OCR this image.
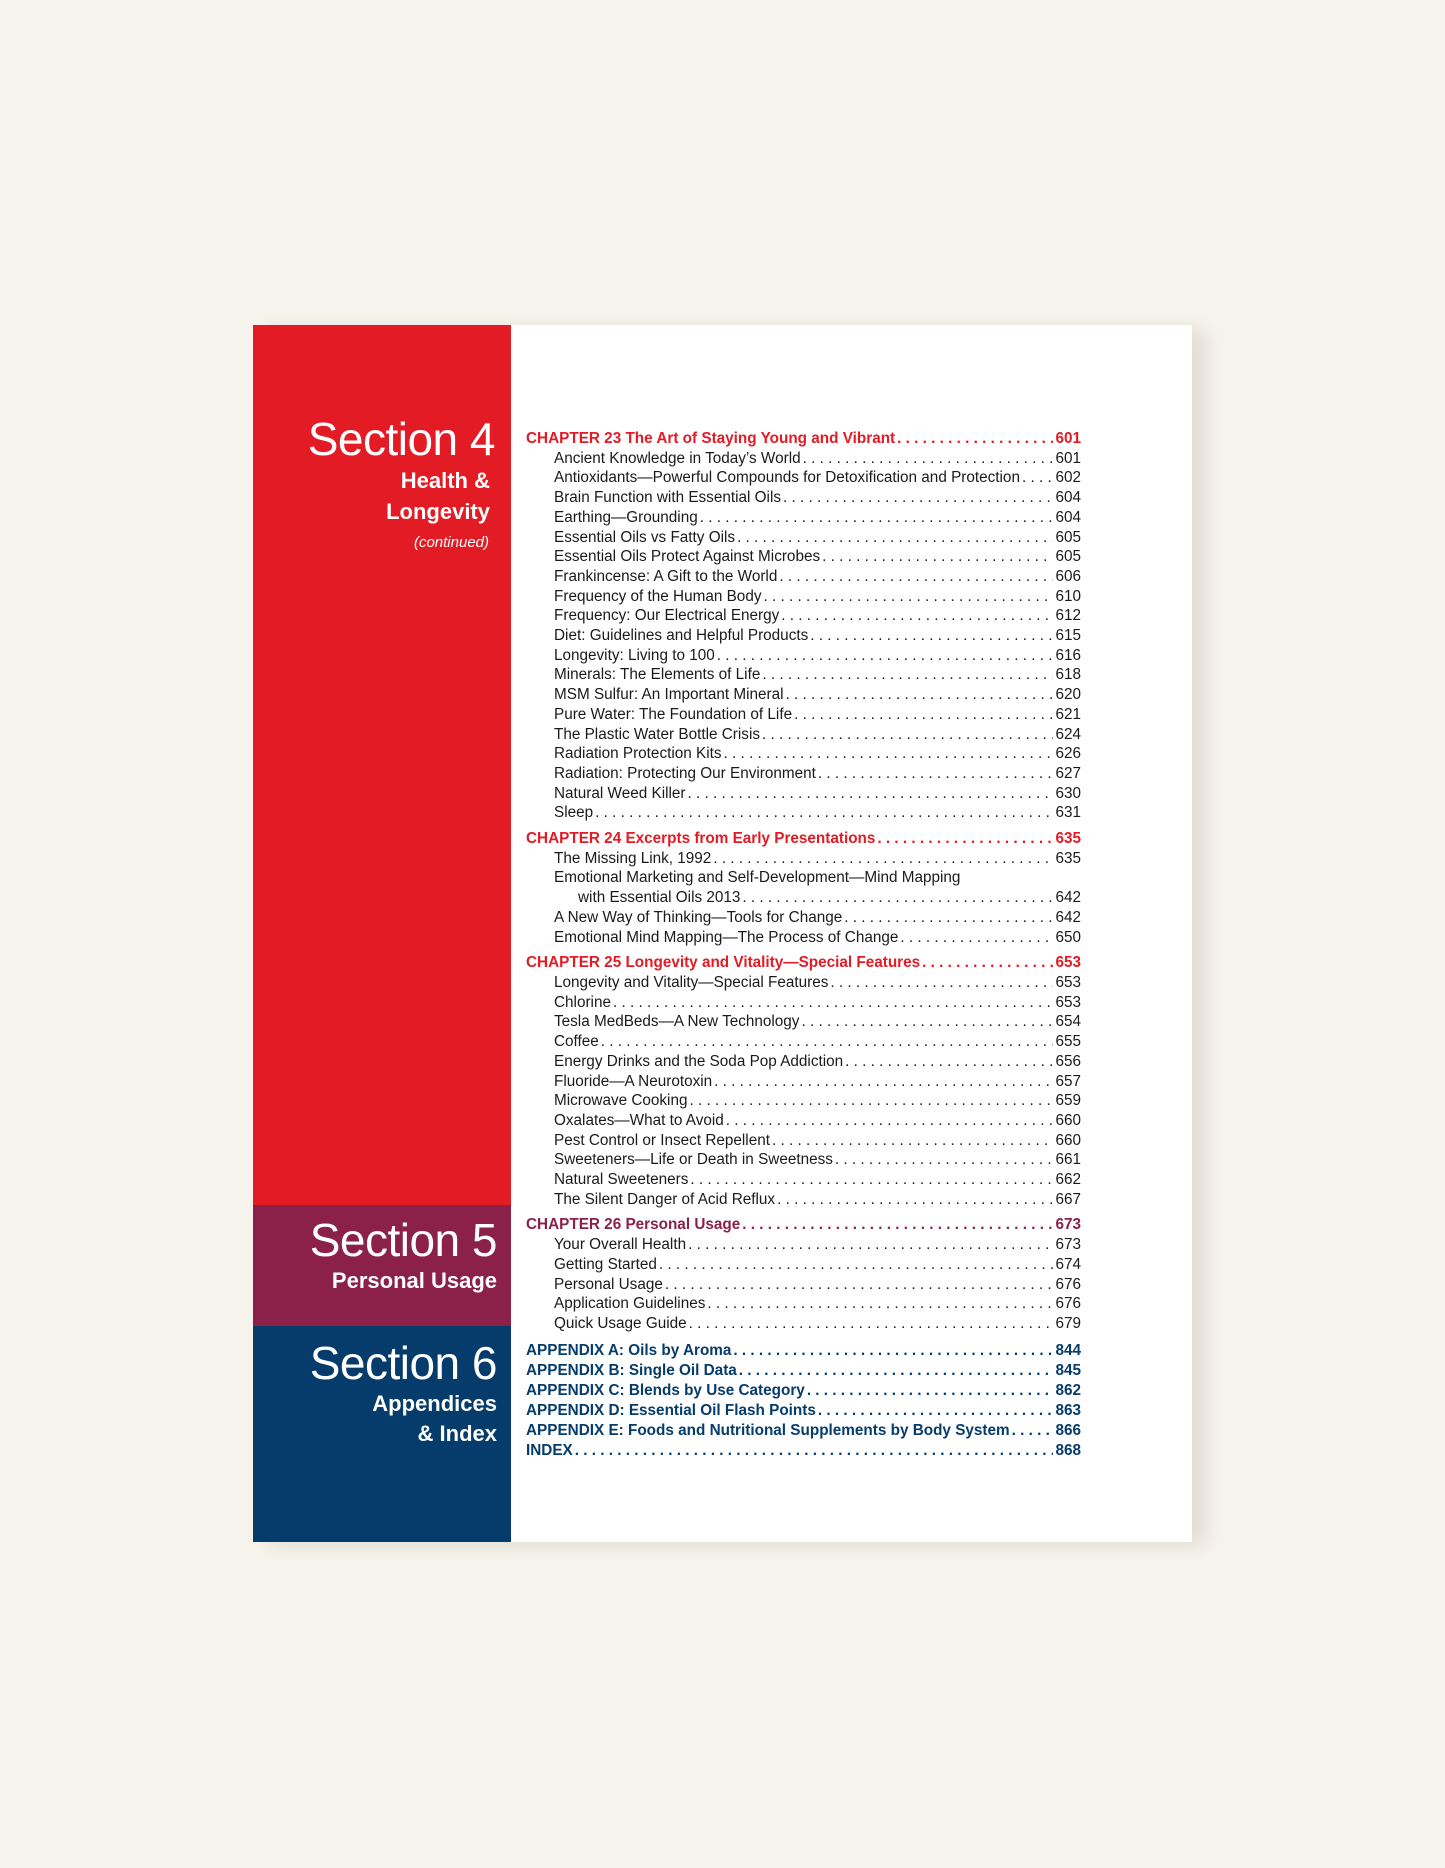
Section 4
Health &
Longevity
(continued)
Section 5
Personal Usage
Section 6
Appendices
& Index
CHAPTER 23 The Art of Staying Young and Vibrant . . .	601
Ancient Knowledge in Today’s World . . .	601
Antioxidants—Powerful Compounds for Detoxification and Protection . . . 602
Brain Function with Essential Oils . . .	604
Earthing—Grounding . . .	604
Essential Oils vs Fatty Oils . . .	605
Essential Oils Protect Against Microbes . . .	605
Frankincense: A Gift to the World . . .	606
Frequency of the Human Body . . .	610
Frequency: Our Electrical Energy . . .	612
Diet: Guidelines and Helpful Products . . .	615
Longevity: Living to 100 . . .	616
Minerals: The Elements of Life . . .	618
MSM Sulfur: An Important Mineral . . .	620
Pure Water: The Foundation of Life . . .	621
The Plastic Water Bottle Crisis . . .	624
Radiation Protection Kits . . .	626
Radiation: Protecting Our Environment . . .	627
Natural Weed Killer . . .	630
Sleep . . .	631
CHAPTER 24 Excerpts from Early Presentations . . .	635
The Missing Link, 1992 . . .	635
Emotional Marketing and Self-Development—Mind Mapping
with Essential Oils 2013 . . .	642
A New Way of Thinking—Tools for Change . . .	642
Emotional Mind Mapping—The Process of Change . . .	650
CHAPTER 25 Longevity and Vitality—Special Features . . .	653
Longevity and Vitality—Special Features . . .	653
Chlorine . . .	653
Tesla MedBeds—A New Technology . . .	654
Coffee . . .	655
Energy Drinks and the Soda Pop Addiction . . .	656
Fluoride—A Neurotoxin . . .	657
Microwave Cooking . . .	659
Oxalates—What to Avoid . . .	660
Pest Control or Insect Repellent . . .	660
Sweeteners—Life or Death in Sweetness . . .	661
Natural Sweeteners . . .	662
The Silent Danger of Acid Reflux . . .	667
CHAPTER 26 Personal Usage . . .	673
Your Overall Health . . .	673
Getting Started . . .	674
Personal Usage . . .	676
Application Guidelines . . .	676
Quick Usage Guide . . .	679
APPENDIX A: Oils by Aroma . . .	844
APPENDIX B: Single Oil Data . . .	845
APPENDIX C: Blends by Use Category . . .	862
APPENDIX D: Essential Oil Flash Points . . .	863
APPENDIX E: Foods and Nutritional Supplements by Body System . . .	866
INDEX . . .	868
